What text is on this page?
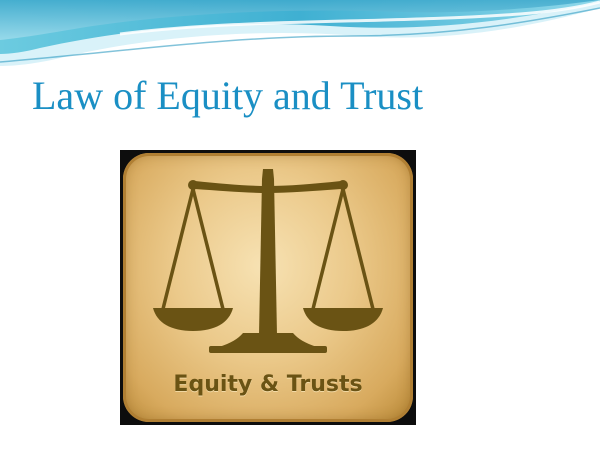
Law of Equity and Trust

Equity & Trusts
